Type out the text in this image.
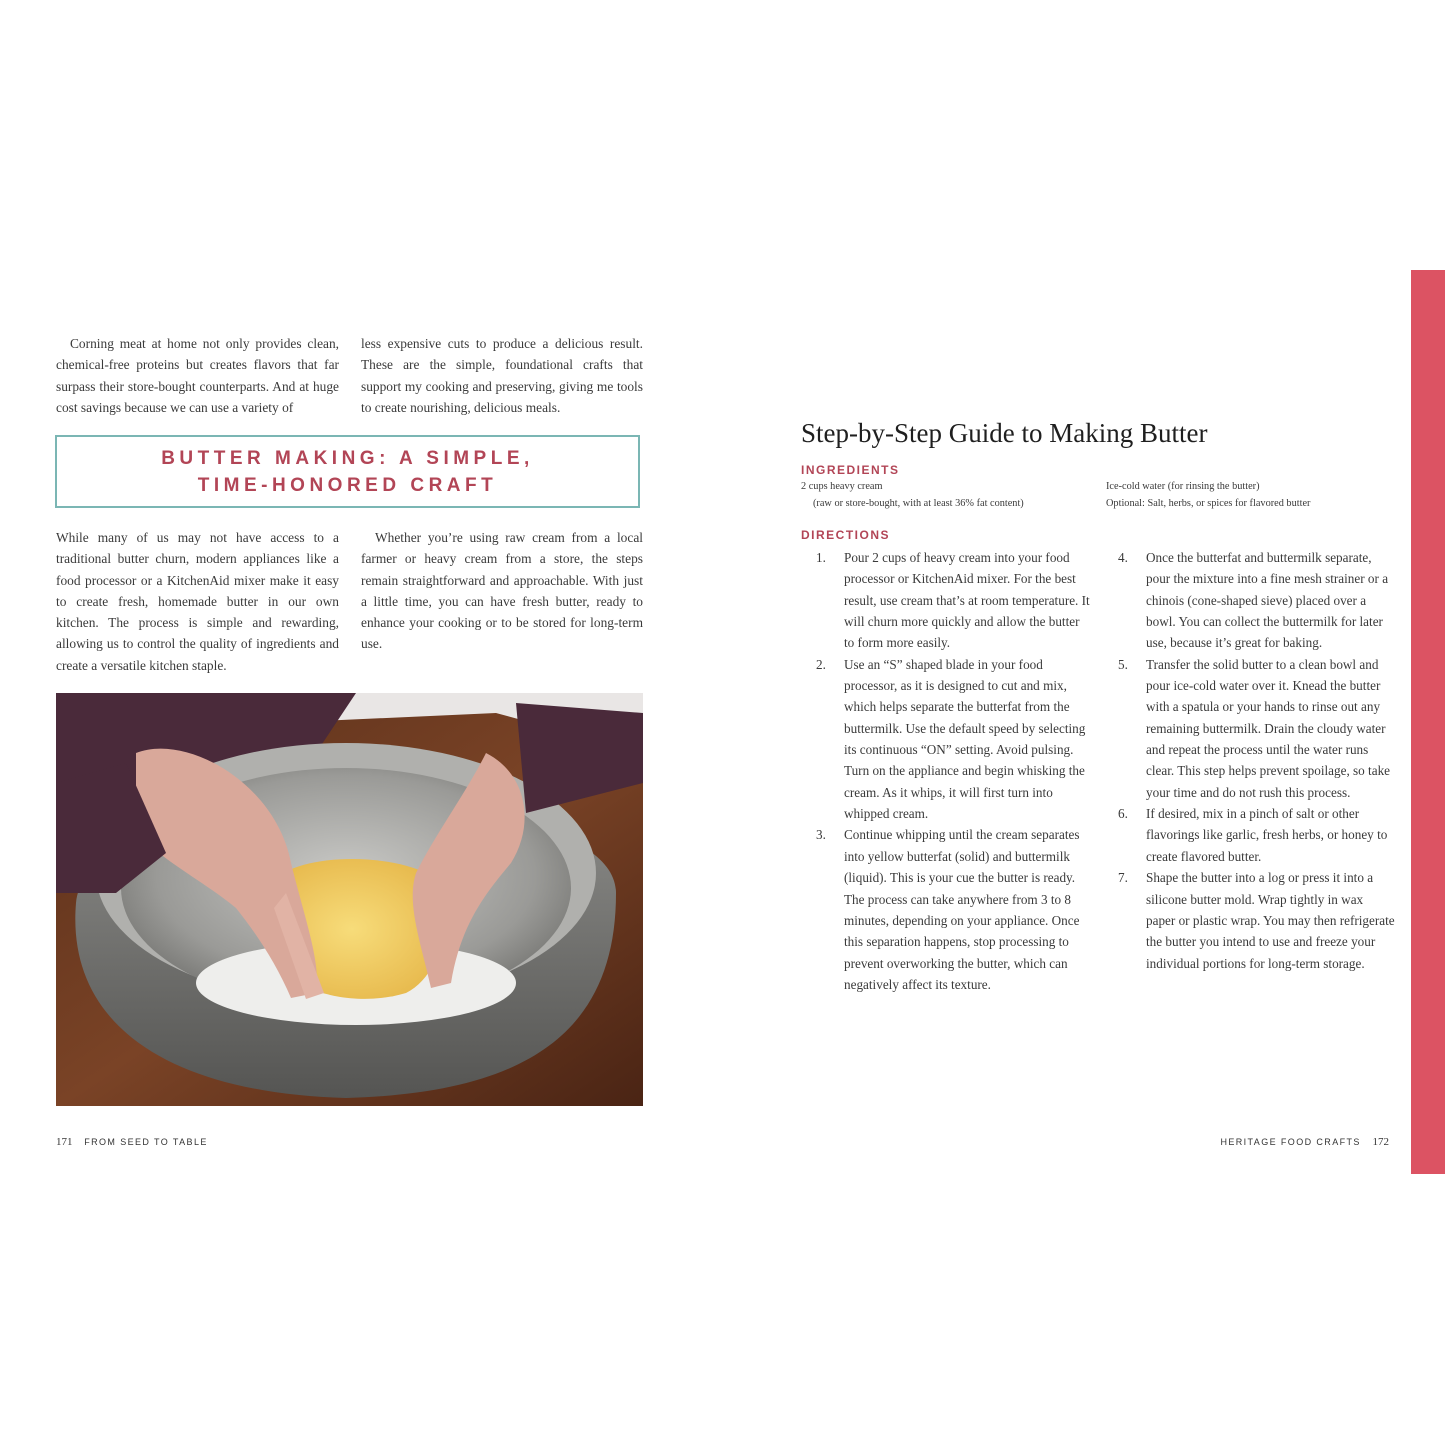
Corning meat at home not only provides clean, chemical-free proteins but creates flavors that far surpass their store-bought counterparts. And at huge cost savings because we can use a variety of

less expensive cuts to produce a delicious result. These are the simple, foundational crafts that support my cooking and preserving, giving me tools to create nourishing, delicious meals.

BUTTER MAKING: A SIMPLE,
TIME-HONORED CRAFT

While many of us may not have access to a traditional butter churn, modern appliances like a food processor or a KitchenAid mixer make it easy to create fresh, homemade butter in our own kitchen. The process is simple and rewarding, allowing us to control the quality of ingredients and create a versatile kitchen staple.

Whether you’re using raw cream from a local farmer or heavy cream from a store, the steps remain straightforward and approachable. With just a little time, you can have fresh butter, ready to enhance your cooking or to be stored for long-term use.

171 FROM SEED TO TABLE
Step-by-Step Guide to Making Butter
INGREDIENTS
2 cups heavy cream
(raw or store-bought, with at least 36% fat content)
Ice-cold water (for rinsing the butter)
Optional: Salt, herbs, or spices for flavored butter
DIRECTIONS
1. Pour 2 cups of heavy cream into your food processor or KitchenAid mixer. For the best result, use cream that’s at room temperature. It will churn more quickly and allow the butter to form more easily.
2. Use an “S” shaped blade in your food processor, as it is designed to cut and mix, which helps separate the butterfat from the buttermilk. Use the default speed by selecting its continuous “ON” setting. Avoid pulsing. Turn on the appliance and begin whisking the cream. As it whips, it will first turn into whipped cream.
3. Continue whipping until the cream separates into yellow butterfat (solid) and buttermilk (liquid). This is your cue the butter is ready. The process can take anywhere from 3 to 8 minutes, depending on your appliance. Once this separation happens, stop processing to prevent overworking the butter, which can negatively affect its texture.
4. Once the butterfat and buttermilk separate, pour the mixture into a fine mesh strainer or a chinois (cone-shaped sieve) placed over a bowl. You can collect the buttermilk for later use, because it’s great for baking.
5. Transfer the solid butter to a clean bowl and pour ice-cold water over it. Knead the butter with a spatula or your hands to rinse out any remaining buttermilk. Drain the cloudy water and repeat the process until the water runs clear. This step helps prevent spoilage, so take your time and do not rush this process.
6. If desired, mix in a pinch of salt or other flavorings like garlic, fresh herbs, or honey to create flavored butter.
7. Shape the butter into a log or press it into a silicone butter mold. Wrap tightly in wax paper or plastic wrap. You may then refrigerate the butter you intend to use and freeze your individual portions for long-term storage.
HERITAGE FOOD CRAFTS 172
